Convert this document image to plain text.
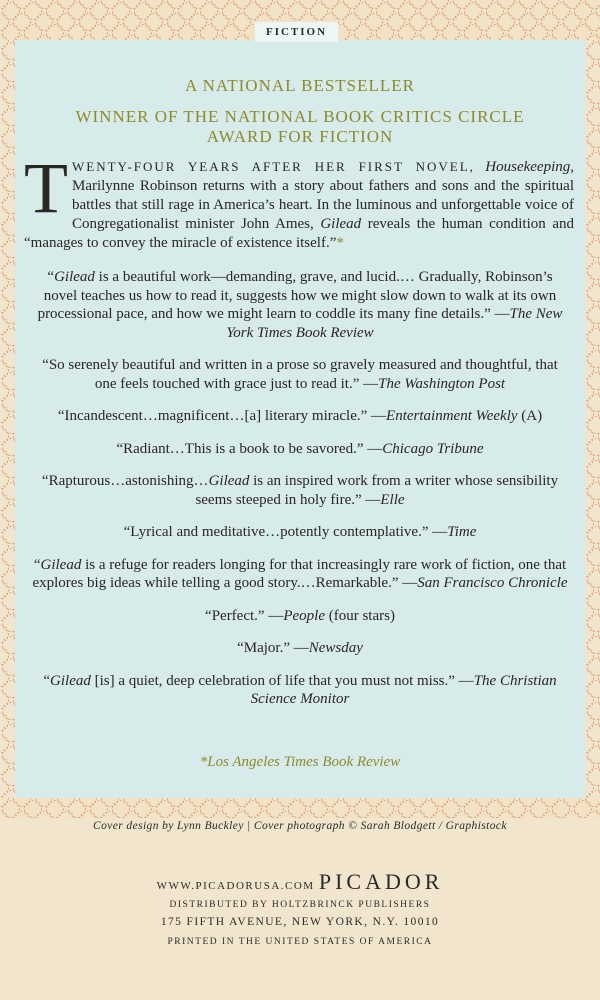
FICTION
A NATIONAL BESTSELLER
WINNER OF THE NATIONAL BOOK CRITICS CIRCLE
AWARD FOR FICTION
TWENTY-FOUR YEARS AFTER HER FIRST NOVEL, Housekeeping, Marilynne Robinson returns with a story about fathers and sons and the spiritual battles that still rage in America’s heart. In the luminous and unforgettable voice of Congregationalist minister John Ames, Gilead reveals the human condition and “manages to convey the miracle of existence itself.”*
“Gilead is a beautiful work—demanding, grave, and lucid.… Gradually, Robinson’s novel teaches us how to read it, suggests how we might slow down to walk at its own processional pace, and how we might learn to coddle its many fine details.” —The New York Times Book Review
“So serenely beautiful and written in a prose so gravely measured and thoughtful, that one feels touched with grace just to read it.” —The Washington Post
“Incandescent…magnificent…[a] literary miracle.” —Entertainment Weekly (A)
“Radiant…This is a book to be savored.” —Chicago Tribune
“Rapturous…astonishing…Gilead is an inspired work from a writer whose sensibility seems steeped in holy fire.” —Elle
“Lyrical and meditative…potently contemplative.” —Time
“Gilead is a refuge for readers longing for that increasingly rare work of fiction, one that explores big ideas while telling a good story.…Remarkable.” —San Francisco Chronicle
“Perfect.” —People (four stars)
“Major.” —Newsday
“Gilead [is] a quiet, deep celebration of life that you must not miss.” —The Christian Science Monitor
*Los Angeles Times Book Review
Cover design by Lynn Buckley | Cover photograph © Sarah Blodgett / Graphistock
WWW.PICADORUSA.COM PICADOR
DISTRIBUTED BY HOLTZBRINCK PUBLISHERS
175 FIFTH AVENUE, NEW YORK, N.Y. 10010
PRINTED IN THE UNITED STATES OF AMERICA
